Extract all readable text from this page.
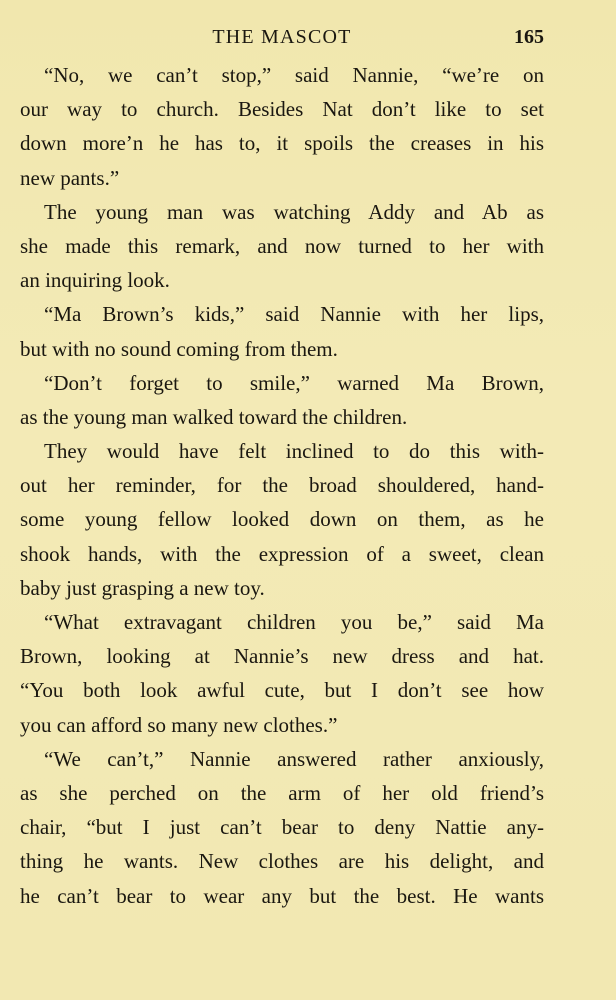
THE MASCOT	165
“No, we can’t stop,” said Nannie, “we’re on
our way to church. Besides Nat don’t like to set
down more’n he has to, it spoils the creases in his
new pants.”
The young man was watching Addy and Ab as
she made this remark, and now turned to her with
an inquiring look.
“Ma Brown’s kids,” said Nannie with her lips,
but with no sound coming from them.
“Don’t forget to smile,” warned Ma Brown,
as the young man walked toward the children.
They would have felt inclined to do this with-
out her reminder, for the broad shouldered, hand-
some young fellow looked down on them, as he
shook hands, with the expression of a sweet, clean
baby just grasping a new toy.
“What extravagant children you be,” said Ma
Brown, looking at Nannie’s new dress and hat.
“You both look awful cute, but I don’t see how
you can afford so many new clothes.”
“We can’t,” Nannie answered rather anxiously,
as she perched on the arm of her old friend’s
chair, “but I just can’t bear to deny Nattie any-
thing he wants. New clothes are his delight, and
he can’t bear to wear any but the best. He wants
